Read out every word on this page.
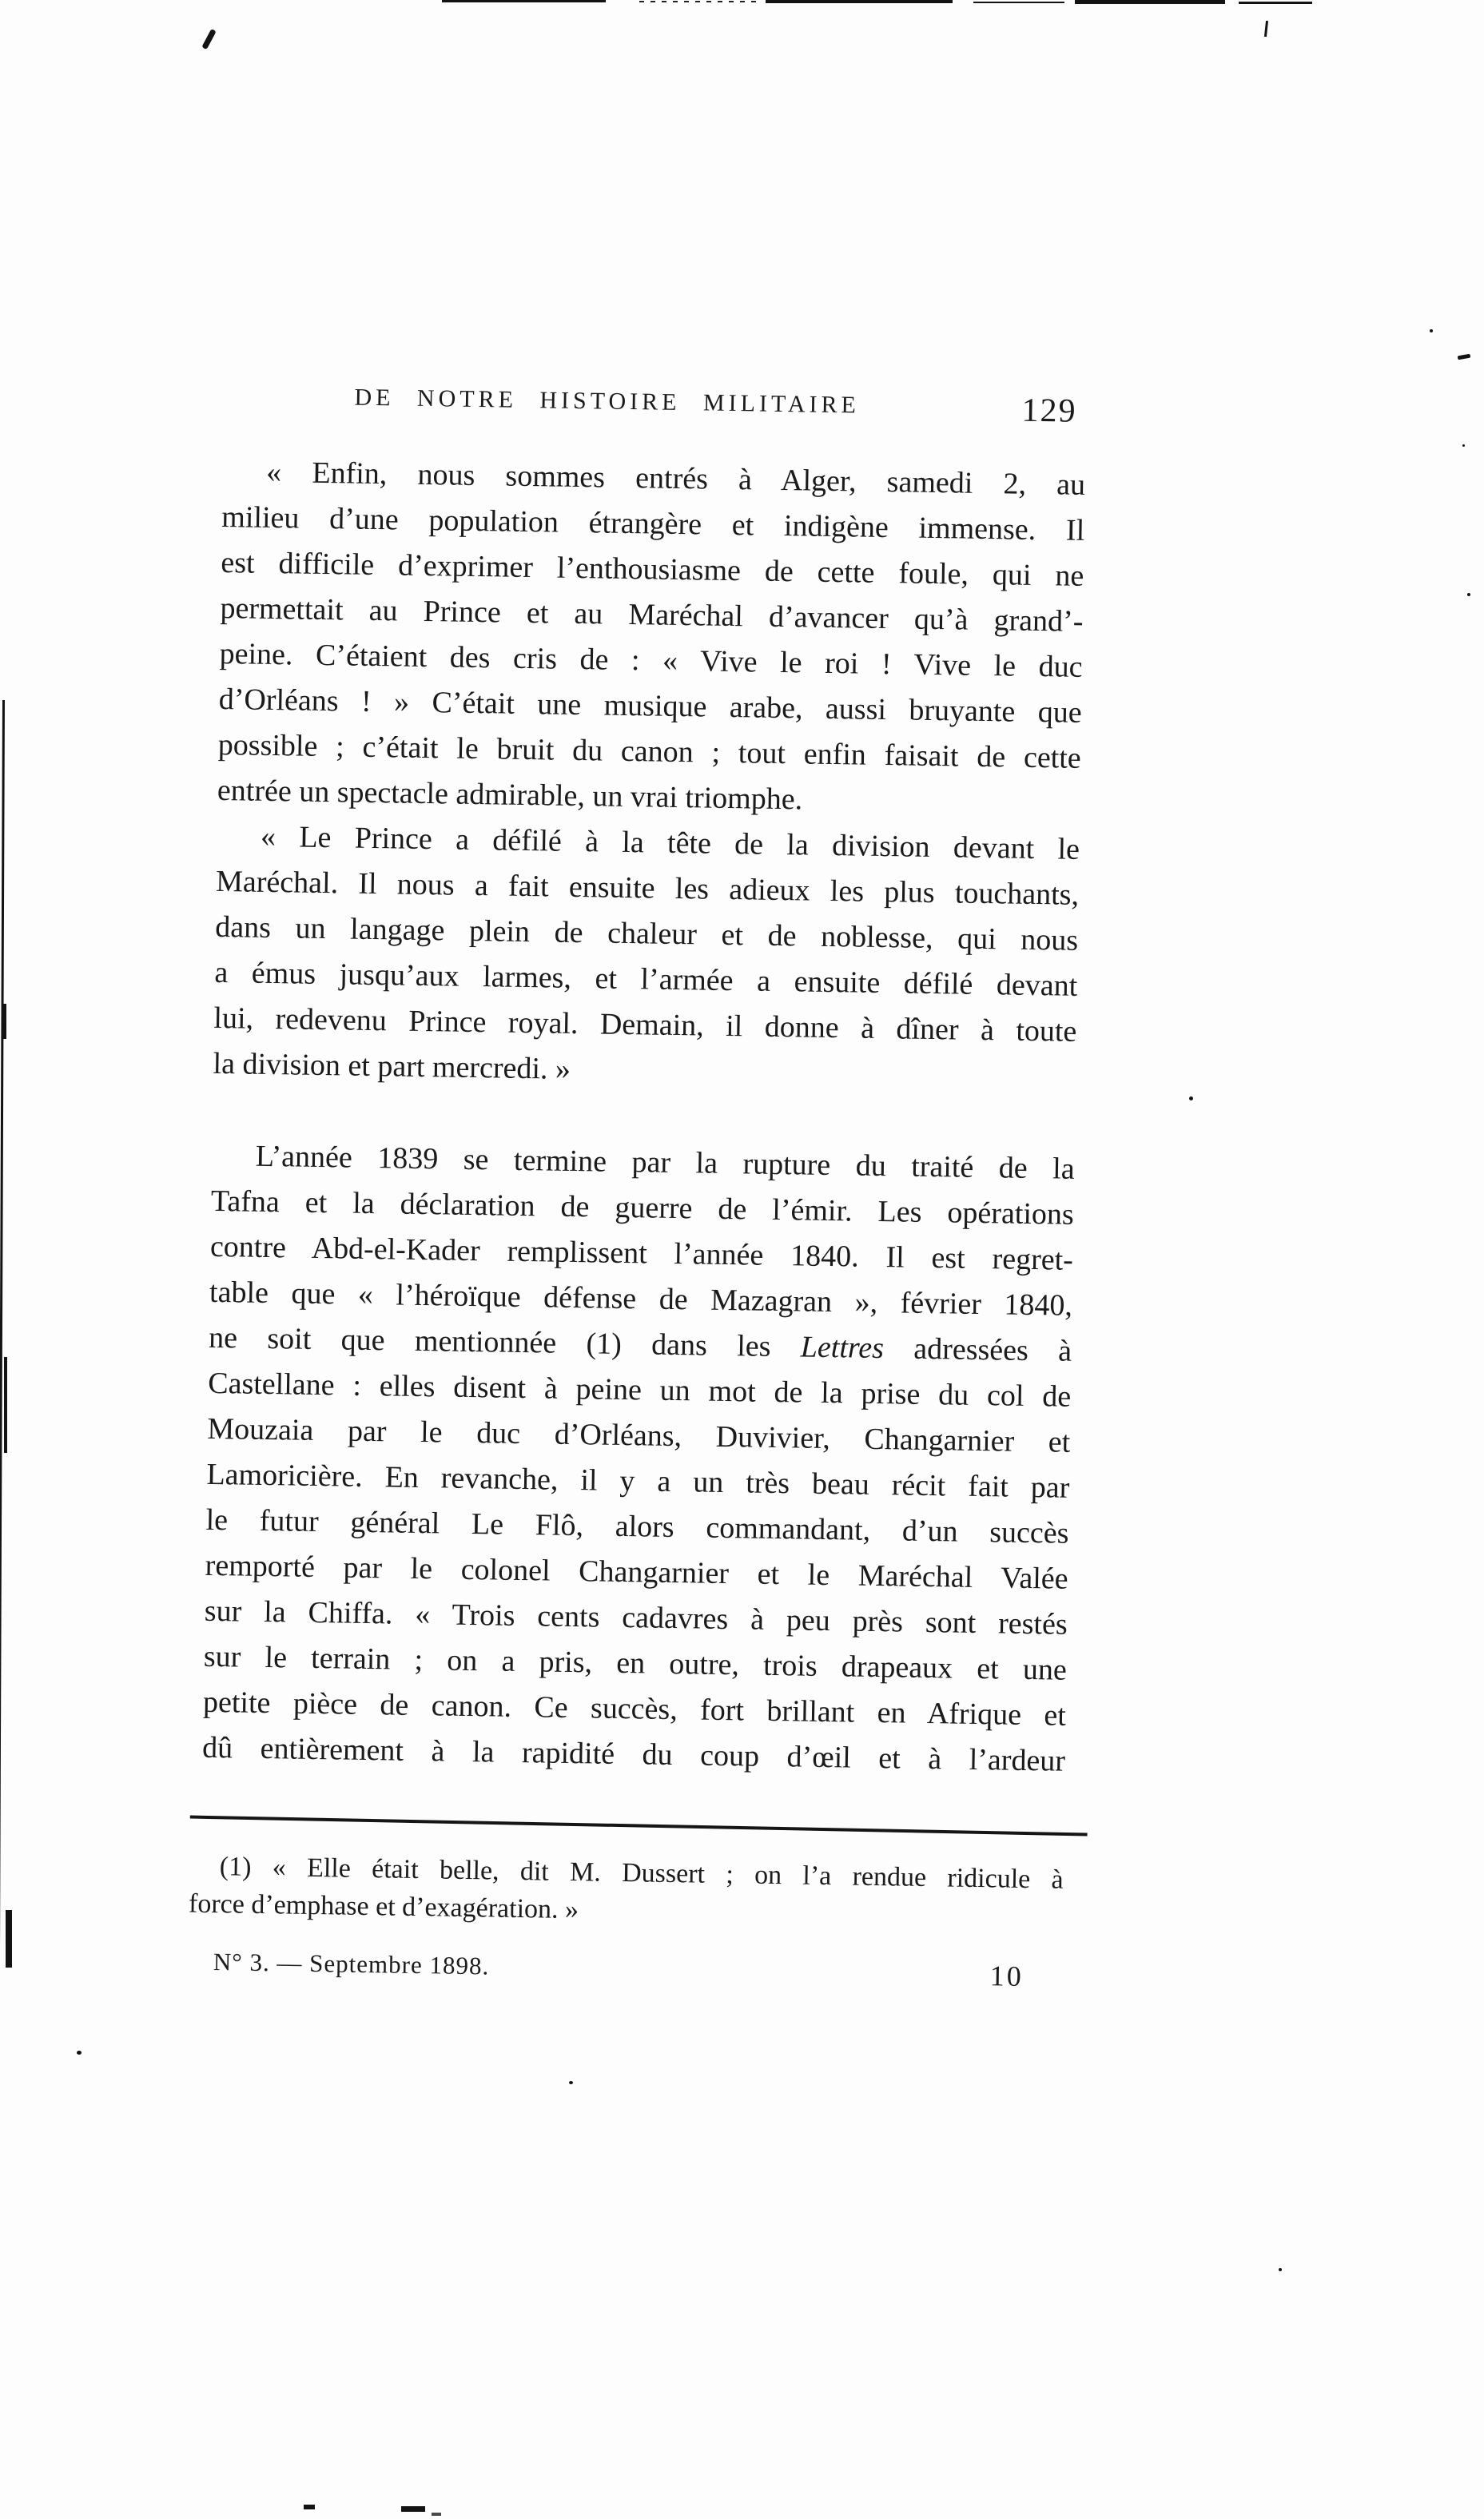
DE NOTRE HISTOIRE MILITAIRE	129
« Enfin, nous sommes entrés à Alger, samedi 2, au
milieu d’une population étrangère et indigène immense. Il
est difficile d’exprimer l’enthousiasme de cette foule, qui ne
permettait au Prince et au Maréchal d’avancer qu’à grand’-
peine. C’étaient des cris de : « Vive le roi ! Vive le duc
d’Orléans ! » C’était une musique arabe, aussi bruyante que
possible ; c’était le bruit du canon ; tout enfin faisait de cette
entrée un spectacle admirable, un vrai triomphe.
« Le Prince a défilé à la tête de la division devant le
Maréchal. Il nous a fait ensuite les adieux les plus touchants,
dans un langage plein de chaleur et de noblesse, qui nous
a émus jusqu’aux larmes, et l’armée a ensuite défilé devant
lui, redevenu Prince royal. Demain, il donne à dîner à toute
la division et part mercredi. »
L’année 1839 se termine par la rupture du traité de la
Tafna et la déclaration de guerre de l’émir. Les opérations
contre Abd-el-Kader remplissent l’année 1840. Il est regret-
table que « l’héroïque défense de Mazagran », février 1840,
ne soit que mentionnée (1) dans les Lettres adressées à
Castellane : elles disent à peine un mot de la prise du col de
Mouzaia par le duc d’Orléans, Duvivier, Changarnier et
Lamoricière. En revanche, il y a un très beau récit fait par
le futur général Le Flô, alors commandant, d’un succès
remporté par le colonel Changarnier et le Maréchal Valée
sur la Chiffa. « Trois cents cadavres à peu près sont restés
sur le terrain ; on a pris, en outre, trois drapeaux et une
petite pièce de canon. Ce succès, fort brillant en Afrique et
dû entièrement à la rapidité du coup d’œil et à l’ardeur
(1) « Elle était belle, dit M. Dussert ; on l’a rendue ridicule à
force d’emphase et d’exagération. »
N° 3. — Septembre 1898.	10
